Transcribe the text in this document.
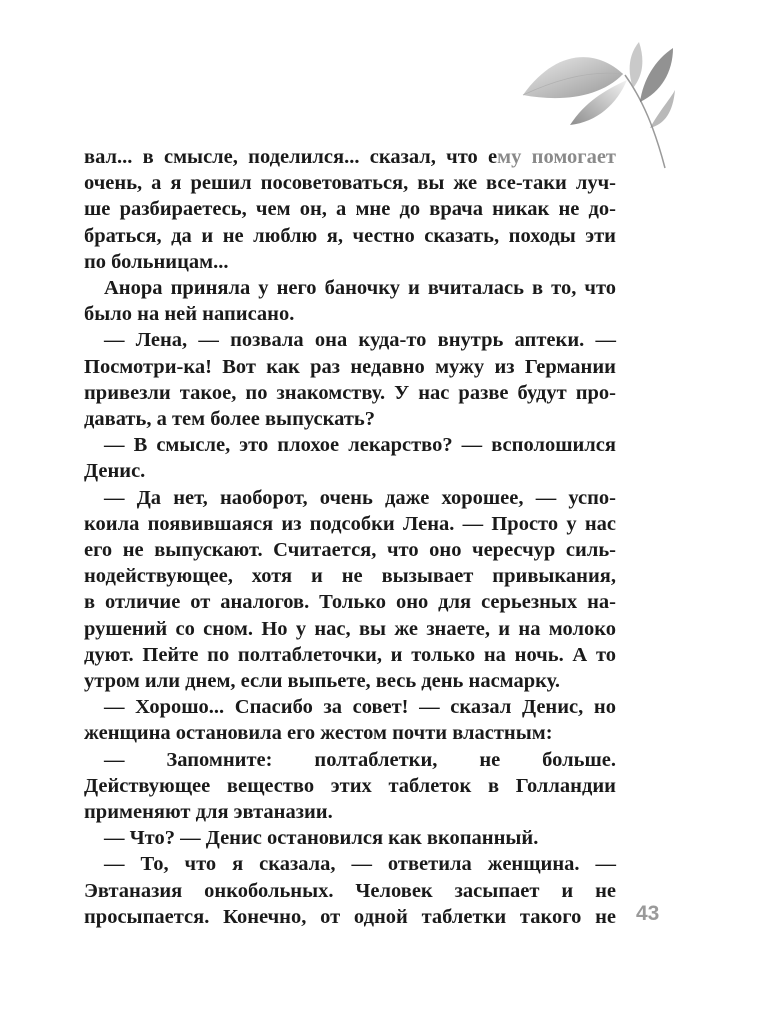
вал... в смысле, поделился... сказал, что ему помогает

очень, а я решил посоветоваться, вы же все-таки луч-

ше разбираетесь, чем он, а мне до врача никак не до-

браться, да и не люблю я, честно сказать, походы эти

по больницам...

Анора приняла у него баночку и вчиталась в то, что

было на ней написано.

— Лена, — позвала она куда-то внутрь аптеки. —

Посмотри-ка! Вот как раз недавно мужу из Германии

привезли такое, по знакомству. У нас разве будут про-

давать, а тем более выпускать?

— В смысле, это плохое лекарство? — всполошился

Денис.

— Да нет, наоборот, очень даже хорошее, — успо-

коила появившаяся из подсобки Лена. — Просто у нас

его не выпускают. Считается, что оно чересчур силь-

нодействующее, хотя и не вызывает привыкания,

в отличие от аналогов. Только оно для серьезных на-

рушений со сном. Но у нас, вы же знаете, и на молоко

дуют. Пейте по полтаблеточки, и только на ночь. А то

утром или днем, если выпьете, весь день насмарку.

— Хорошо... Спасибо за совет! — сказал Денис, но

женщина остановила его жестом почти властным:

— Запомните: полтаблетки, не больше.

Действующее вещество этих таблеток в Голландии

применяют для эвтаназии.

— Что? — Денис остановился как вкопанный.

— То, что я сказала, — ответила женщина. —

Эвтаназия онкобольных. Человек засыпает и не

просыпается. Конечно, от одной таблетки такого не 43
